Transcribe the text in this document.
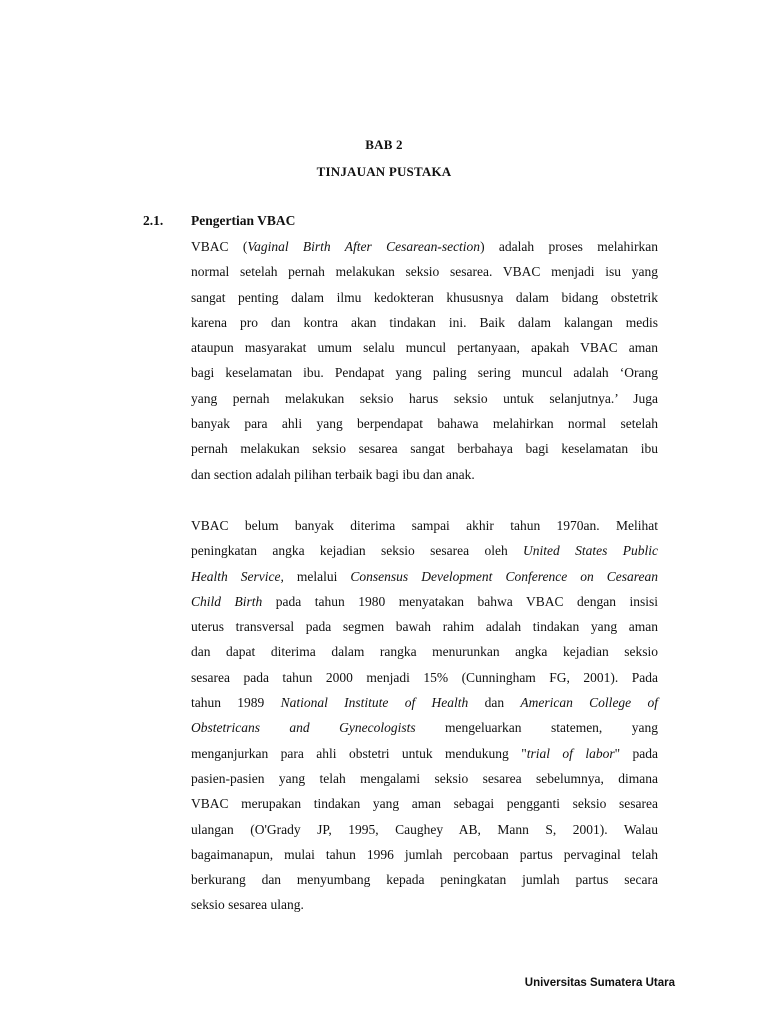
BAB 2
TINJAUAN PUSTAKA
2.1. Pengertian VBAC
VBAC (Vaginal Birth After Cesarean-section) adalah proses melahirkan
normal setelah pernah melakukan seksio sesarea. VBAC menjadi isu yang
sangat penting dalam ilmu kedokteran khususnya dalam bidang obstetrik
karena pro dan kontra akan tindakan ini. Baik dalam kalangan medis
ataupun masyarakat umum selalu muncul pertanyaan, apakah VBAC aman
bagi keselamatan ibu. Pendapat yang paling sering muncul adalah ‘Orang
yang pernah melakukan seksio harus seksio untuk selanjutnya.’ Juga
banyak para ahli yang berpendapat bahawa melahirkan normal setelah
pernah melakukan seksio sesarea sangat berbahaya bagi keselamatan ibu
dan section adalah pilihan terbaik bagi ibu dan anak.
VBAC belum banyak diterima sampai akhir tahun 1970an. Melihat
peningkatan angka kejadian seksio sesarea oleh United States Public
Health Service, melalui Consensus Development Conference on Cesarean
Child Birth pada tahun 1980 menyatakan bahwa VBAC dengan insisi
uterus transversal pada segmen bawah rahim adalah tindakan yang aman
dan dapat diterima dalam rangka menurunkan angka kejadian seksio
sesarea pada tahun 2000 menjadi 15% (Cunningham FG, 2001). Pada
tahun 1989 National Institute of Health dan American College of
Obstetricans and Gynecologists mengeluarkan statemen, yang
menganjurkan para ahli obstetri untuk mendukung "trial of labor" pada
pasien-pasien yang telah mengalami seksio sesarea sebelumnya, dimana
VBAC merupakan tindakan yang aman sebagai pengganti seksio sesarea
ulangan (O'Grady JP, 1995, Caughey AB, Mann S, 2001). Walau
bagaimanapun, mulai tahun 1996 jumlah percobaan partus pervaginal telah
berkurang dan menyumbang kepada peningkatan jumlah partus secara
seksio sesarea ulang.
Universitas Sumatera Utara
